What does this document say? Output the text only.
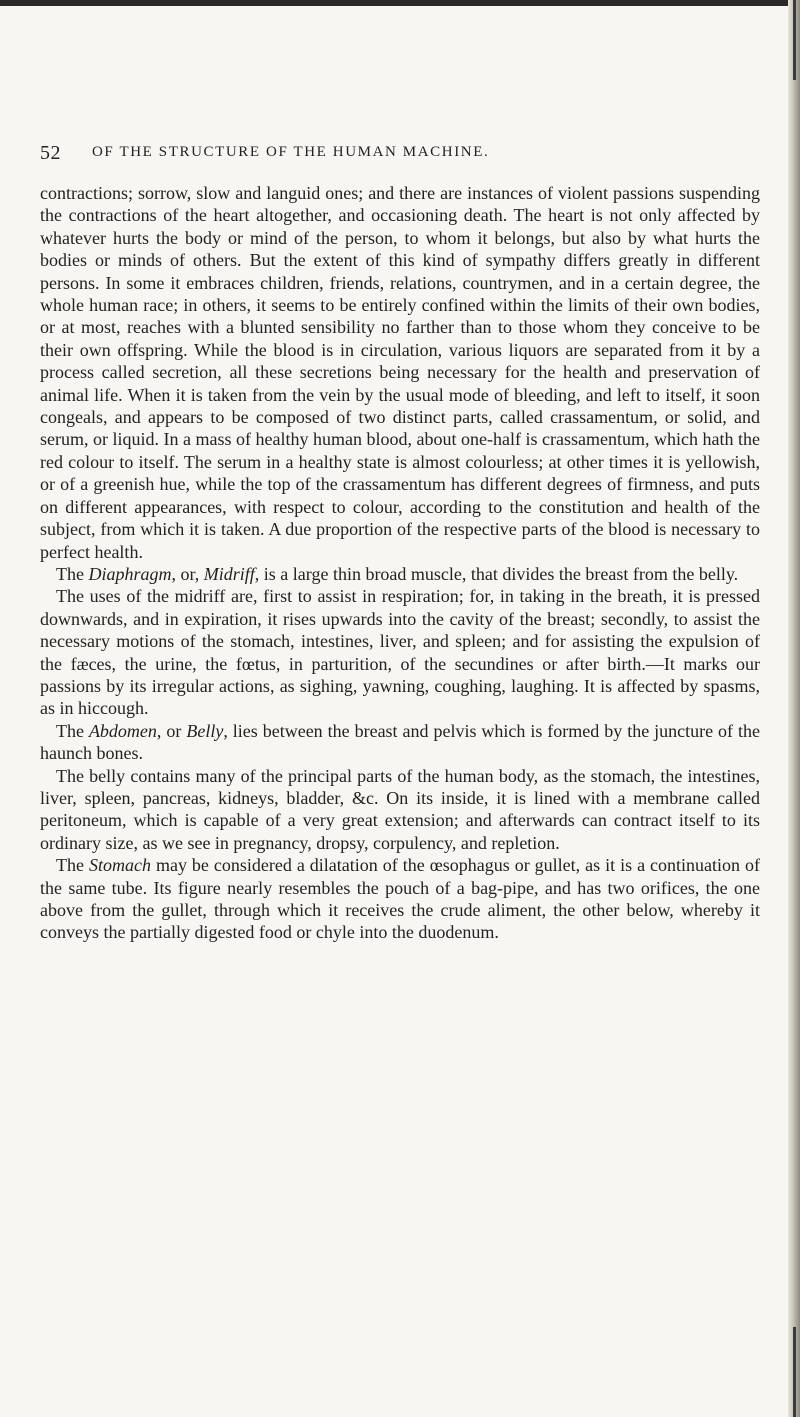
52 OF THE STRUCTURE OF THE HUMAN MACHINE.

contractions; sorrow, slow and languid ones; and there are instances of violent passions suspending the contractions of the heart altogether, and occasioning death. The heart is not only affected by whatever hurts the body or mind of the person, to whom it belongs, but also by what hurts the bodies or minds of others. But the extent of this kind of sympathy differs greatly in different persons. In some it embraces children, friends, relations, countrymen, and in a certain degree, the whole human race; in others, it seems to be entirely confined within the limits of their own bodies, or at most, reaches with a blunted sensibility no farther than to those whom they conceive to be their own offspring. While the blood is in circulation, various liquors are separated from it by a process called secretion, all these secretions being necessary for the health and preservation of animal life. When it is taken from the vein by the usual mode of bleeding, and left to itself, it soon congeals, and appears to be composed of two distinct parts, called crassamentum, or solid, and serum, or liquid. In a mass of healthy human blood, about one-half is crassamentum, which hath the red colour to itself. The serum in a healthy state is almost colourless; at other times it is yellowish, or of a greenish hue, while the top of the crassamentum has different degrees of firmness, and puts on different appearances, with respect to colour, according to the constitution and health of the subject, from which it is taken. A due proportion of the respective parts of the blood is necessary to perfect health.

The Diaphragm, or, Midriff, is a large thin broad muscle, that divides the breast from the belly.

The uses of the midriff are, first to assist in respiration; for, in taking in the breath, it is pressed downwards, and in expiration, it rises upwards into the cavity of the breast; secondly, to assist the necessary motions of the stomach, intestines, liver, and spleen; and for assisting the expulsion of the fæces, the urine, the fœtus, in parturition, of the secundines or after birth.—It marks our passions by its irregular actions, as sighing, yawning, coughing, laughing. It is affected by spasms, as in hiccough.

The Abdomen, or Belly, lies between the breast and pelvis which is formed by the juncture of the haunch bones.

The belly contains many of the principal parts of the human body, as the stomach, the intestines, liver, spleen, pancreas, kidneys, bladder, &c. On its inside, it is lined with a membrane called peritoneum, which is capable of a very great extension; and afterwards can contract itself to its ordinary size, as we see in pregnancy, dropsy, corpulency, and repletion.

The Stomach may be considered a dilatation of the œsophagus or gullet, as it is a continuation of the same tube. Its figure nearly resembles the pouch of a bag-pipe, and has two orifices, the one above from the gullet, through which it receives the crude aliment, the other below, whereby it conveys the partially digested food or chyle into the duodenum.
